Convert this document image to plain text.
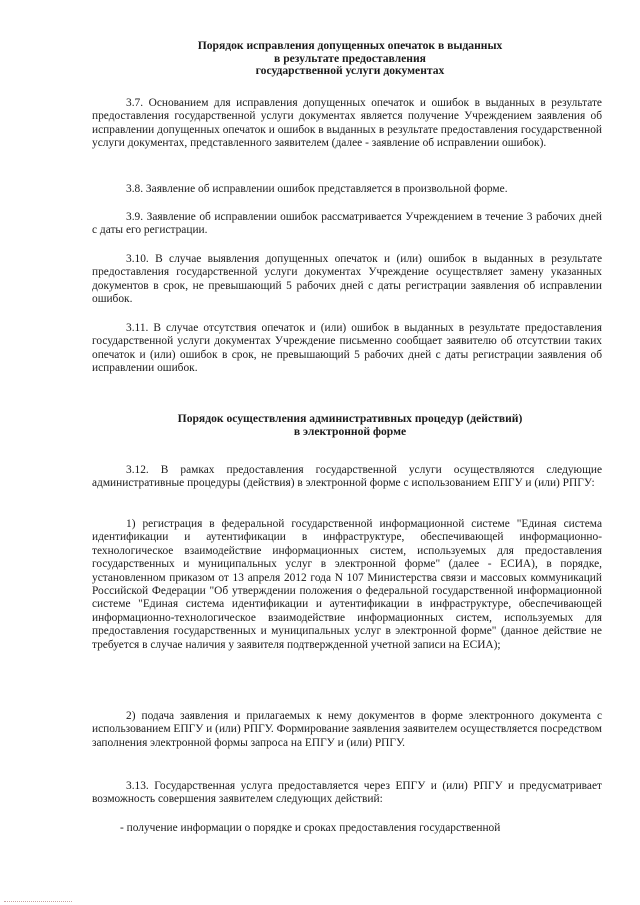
Порядок исправления допущенных опечаток в выданных
в результате предоставления
государственной услуги документах

3.7. Основанием для исправления допущенных опечаток и ошибок в выданных в результате предоставления государственной услуги документах является получение Учреждением заявления об исправлении допущенных опечаток и ошибок в выданных в результате предоставления государственной услуги документах, представленного заявителем (далее - заявление об исправлении ошибок).

3.8. Заявление об исправлении ошибок представляется в произвольной форме.

3.9. Заявление об исправлении ошибок рассматривается Учреждением в течение 3 рабочих дней с даты его регистрации.

3.10. В случае выявления допущенных опечаток и (или) ошибок в выданных в результате предоставления государственной услуги документах Учреждение осуществляет замену указанных документов в срок, не превышающий 5 рабочих дней с даты регистрации заявления об исправлении ошибок.

3.11. В случае отсутствия опечаток и (или) ошибок в выданных в результате предоставления государственной услуги документах Учреждение письменно сообщает заявителю об отсутствии таких опечаток и (или) ошибок в срок, не превышающий 5 рабочих дней с даты регистрации заявления об исправлении ошибок.

Порядок осуществления административных процедур (действий)
в электронной форме

3.12. В рамках предоставления государственной услуги осуществляются следующие административные процедуры (действия) в электронной форме с использованием ЕПГУ и (или) РПГУ:

1) регистрация в федеральной государственной информационной системе "Единая система идентификации и аутентификации в инфраструктуре, обеспечивающей информационно-технологическое взаимодействие информационных систем, используемых для предоставления государственных и муниципальных услуг в электронной форме" (далее - ЕСИА), в порядке, установленном приказом от 13 апреля 2012 года N 107 Министерства связи и массовых коммуникаций Российской Федерации "Об утверждении положения о федеральной государственной информационной системе "Единая система идентификации и аутентификации в инфраструктуре, обеспечивающей информационно-технологическое взаимодействие информационных систем, используемых для предоставления государственных и муниципальных услуг в электронной форме" (данное действие не требуется в случае наличия у заявителя подтвержденной учетной записи на ЕСИА);

2) подача заявления и прилагаемых к нему документов в форме электронного документа с использованием ЕПГУ и (или) РПГУ. Формирование заявления заявителем осуществляется посредством заполнения электронной формы запроса на ЕПГУ и (или) РПГУ.

3.13. Государственная услуга предоставляется через ЕПГУ и (или) РПГУ и предусматривает возможность совершения заявителем следующих действий:

- получение информации о порядке и сроках предоставления государственной
